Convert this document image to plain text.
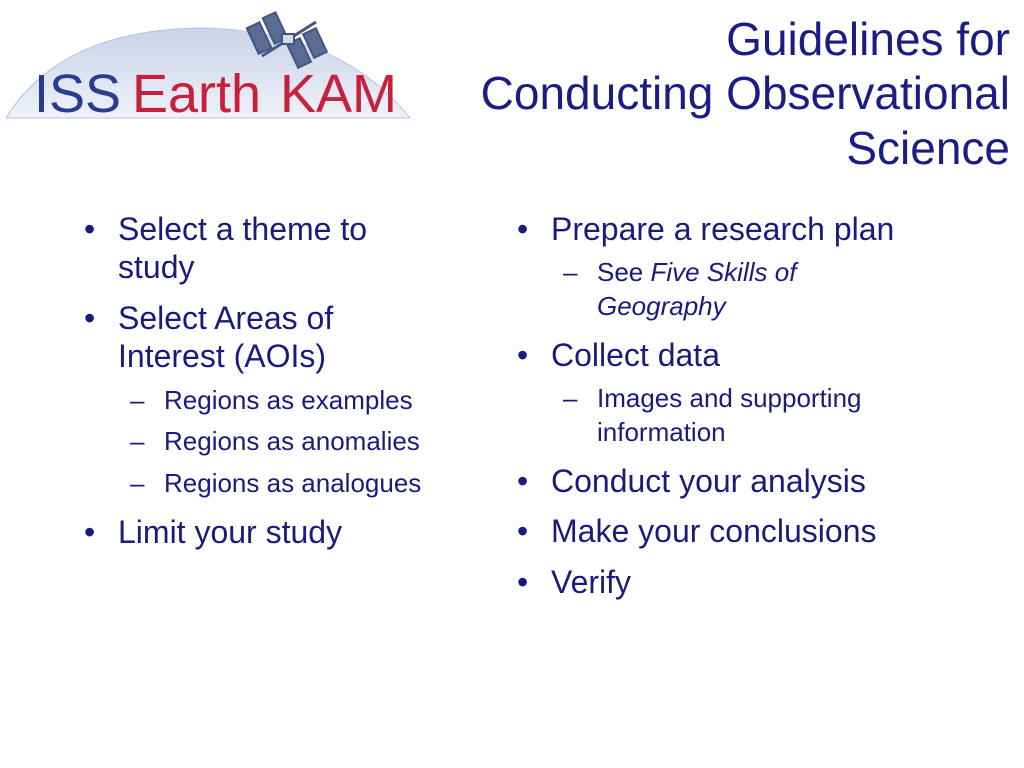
ISS Earth KAM
Guidelines for
Conducting Observational
Science
• Select a theme to study
• Select Areas of Interest (AOIs)
– Regions as examples
– Regions as anomalies
– Regions as analogues
• Limit your study
• Prepare a research plan
– See Five Skills of Geography
• Collect data
– Images and supporting information
• Conduct your analysis
• Make your conclusions
• Verify
